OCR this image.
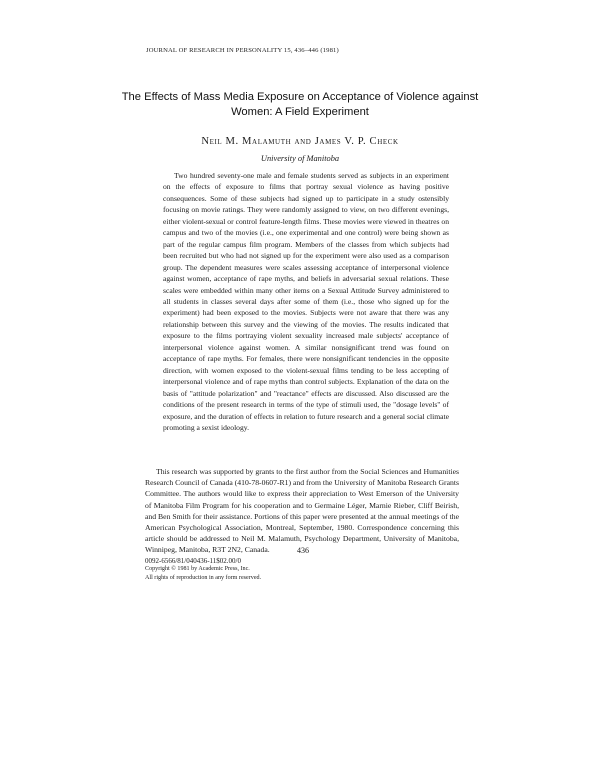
JOURNAL OF RESEARCH IN PERSONALITY 15, 436–446 (1981)
The Effects of Mass Media Exposure on Acceptance of Violence against Women: A Field Experiment
Neil M. Malamuth and James V. P. Check
University of Manitoba

Two hundred seventy-one male and female students served as subjects in an experiment on the effects of exposure to films that portray sexual violence as having positive consequences. Some of these subjects had signed up to participate in a study ostensibly focusing on movie ratings. They were randomly assigned to view, on two different evenings, either violent-sexual or control feature-length films. These movies were viewed in theatres on campus and two of the movies (i.e., one experimental and one control) were being shown as part of the regular campus film program. Members of the classes from which subjects had been recruited but who had not signed up for the experiment were also used as a comparison group. The dependent measures were scales assessing acceptance of interpersonal violence against women, acceptance of rape myths, and beliefs in adversarial sexual relations. These scales were embedded within many other items on a Sexual Attitude Survey administered to all students in classes several days after some of them (i.e., those who signed up for the experiment) had been exposed to the movies. Subjects were not aware that there was any relationship between this survey and the viewing of the movies. The results indicated that exposure to the films portraying violent sexuality increased male subjects' acceptance of interpersonal violence against women. A similar nonsignificant trend was found on acceptance of rape myths. For females, there were nonsignificant tendencies in the opposite direction, with women exposed to the violent-sexual films tending to be less accepting of interpersonal violence and of rape myths than control subjects. Explanation of the data on the basis of "attitude polarization" and "reactance" effects are discussed. Also discussed are the conditions of the present research in terms of the type of stimuli used, the "dosage levels" of exposure, and the duration of effects in relation to future research and a general social climate promoting a sexist ideology.

This research was supported by grants to the first author from the Social Sciences and Humanities Research Council of Canada (410-78-0607-R1) and from the University of Manitoba Research Grants Committee. The authors would like to express their appreciation to West Emerson of the University of Manitoba Film Program for his cooperation and to Germaine Léger, Marnie Rieber, Cliff Beirish, and Ben Smith for their assistance. Portions of this paper were presented at the annual meetings of the American Psychological Association, Montreal, September, 1980. Correspondence concerning this article should be addressed to Neil M. Malamuth, Psychology Department, University of Manitoba, Winnipeg, Manitoba, R3T 2N2, Canada.	436
0092-6566/81/040436-11$02.00/0
Copyright © 1981 by Academic Press, Inc.
All rights of reproduction in any form reserved.
